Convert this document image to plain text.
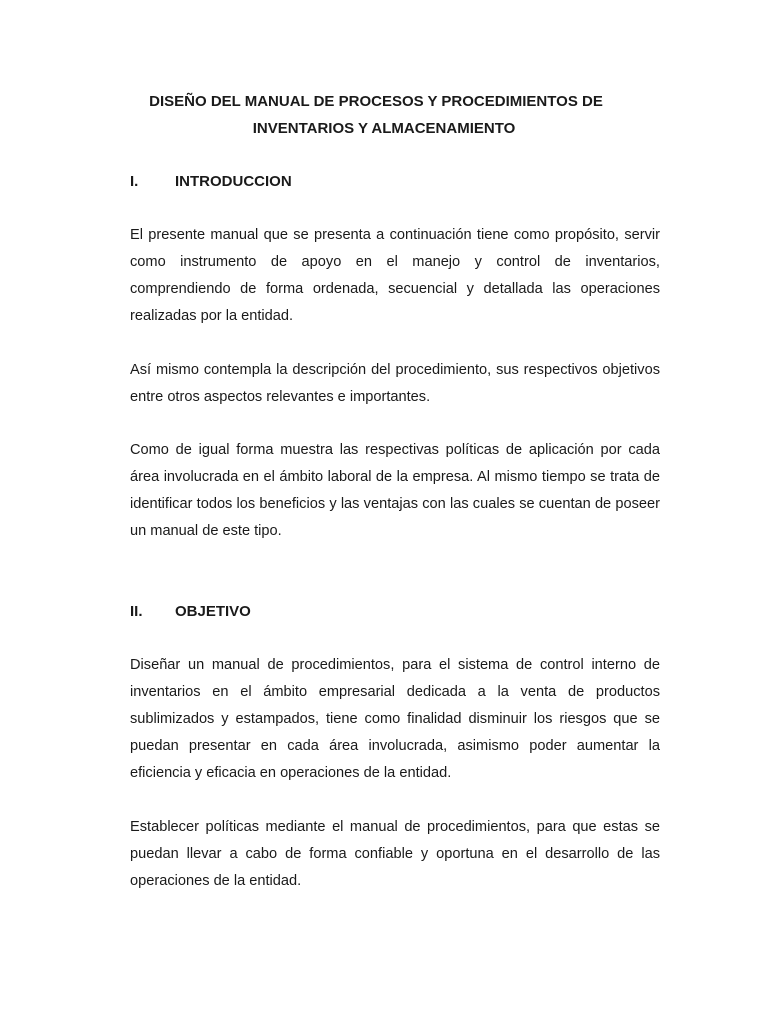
DISEÑO DEL MANUAL DE PROCESOS Y PROCEDIMIENTOS DE
INVENTARIOS Y ALMACENAMIENTO
I. INTRODUCCION

El presente manual que se presenta a continuación tiene como propósito, servir como instrumento de apoyo en el manejo y control de inventarios, comprendiendo de forma ordenada, secuencial y detallada las operaciones realizadas por la entidad.

Así mismo contempla la descripción del procedimiento, sus respectivos objetivos entre otros aspectos relevantes e importantes.

Como de igual forma muestra las respectivas políticas de aplicación por cada área involucrada en el ámbito laboral de la empresa. Al mismo tiempo se trata de identificar todos los beneficios y las ventajas con las cuales se cuentan de poseer un manual de este tipo.

II. OBJETIVO

Diseñar un manual de procedimientos, para el sistema de control interno de inventarios en el ámbito empresarial dedicada a la venta de productos sublimizados y estampados, tiene como finalidad disminuir los riesgos que se puedan presentar en cada área involucrada, asimismo poder aumentar la eficiencia y eficacia en operaciones de la entidad.

Establecer políticas mediante el manual de procedimientos, para que estas se puedan llevar a cabo de forma confiable y oportuna en el desarrollo de las operaciones de la entidad.
